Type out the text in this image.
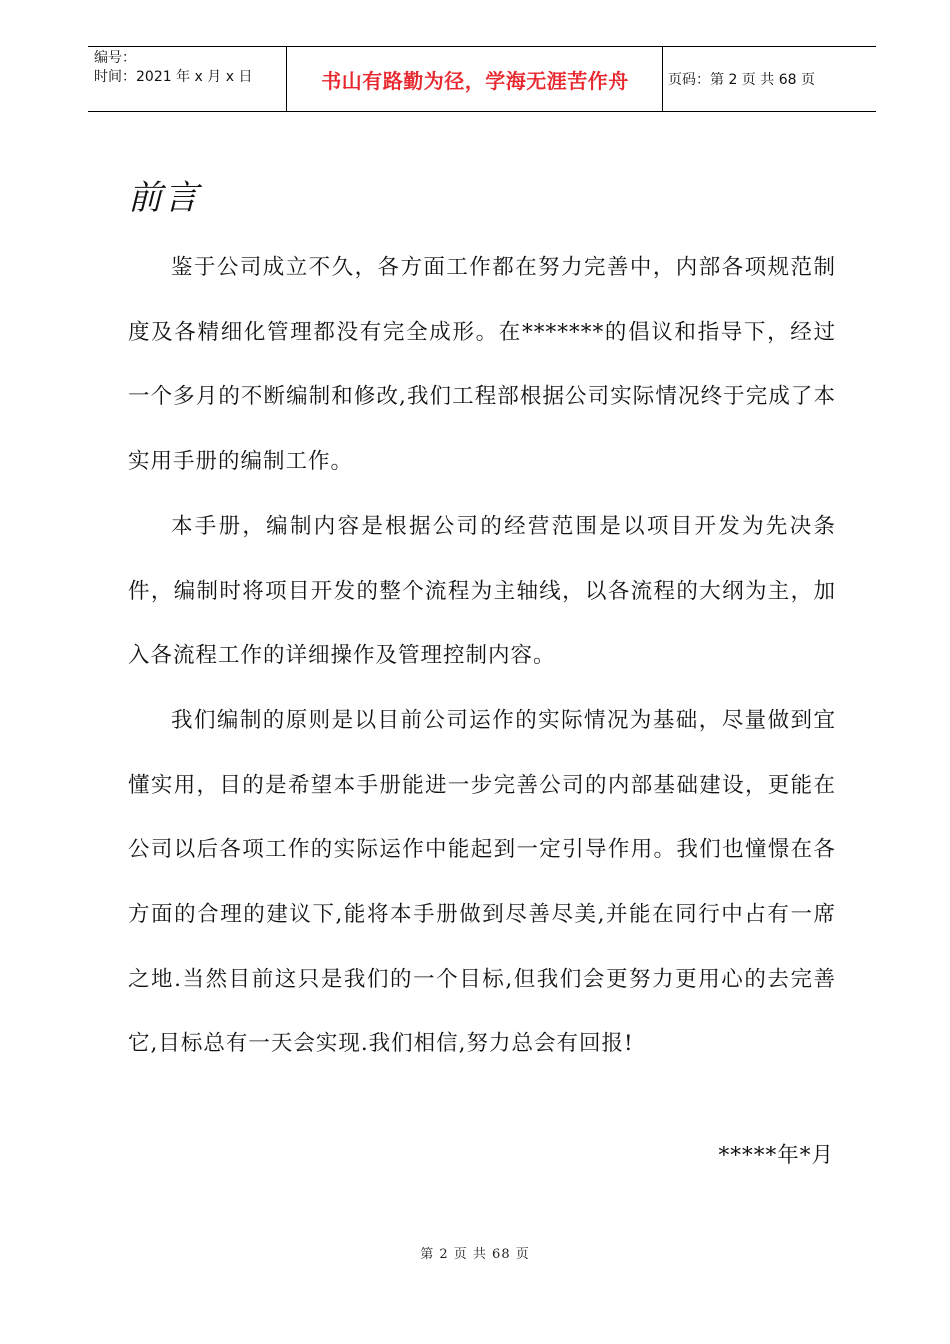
编号：
时间：2021 年 x 月 x 日	书山有路勤为径，学海无涯苦作舟	页码：第 2 页 共 68 页
前言

鉴于公司成立不久，各方面工作都在努力完善中，内部各项规范制度及各精细化管理都没有完全成形。在*******的倡议和指导下，经过一个多月的不断编制和修改,我们工程部根据公司实际情况终于完成了本实用手册的编制工作。

本手册，编制内容是根据公司的经营范围是以项目开发为先决条件，编制时将项目开发的整个流程为主轴线，以各流程的大纲为主，加入各流程工作的详细操作及管理控制内容。

我们编制的原则是以目前公司运作的实际情况为基础，尽量做到宜懂实用，目的是希望本手册能进一步完善公司的内部基础建设，更能在公司以后各项工作的实际运作中能起到一定引导作用。我们也憧憬在各方面的合理的建议下,能将本手册做到尽善尽美,并能在同行中占有一席之地.当然目前这只是我们的一个目标,但我们会更努力更用心的去完善它,目标总有一天会实现.我们相信,努力总会有回报!

*****年*月
第 2 页 共 68 页
